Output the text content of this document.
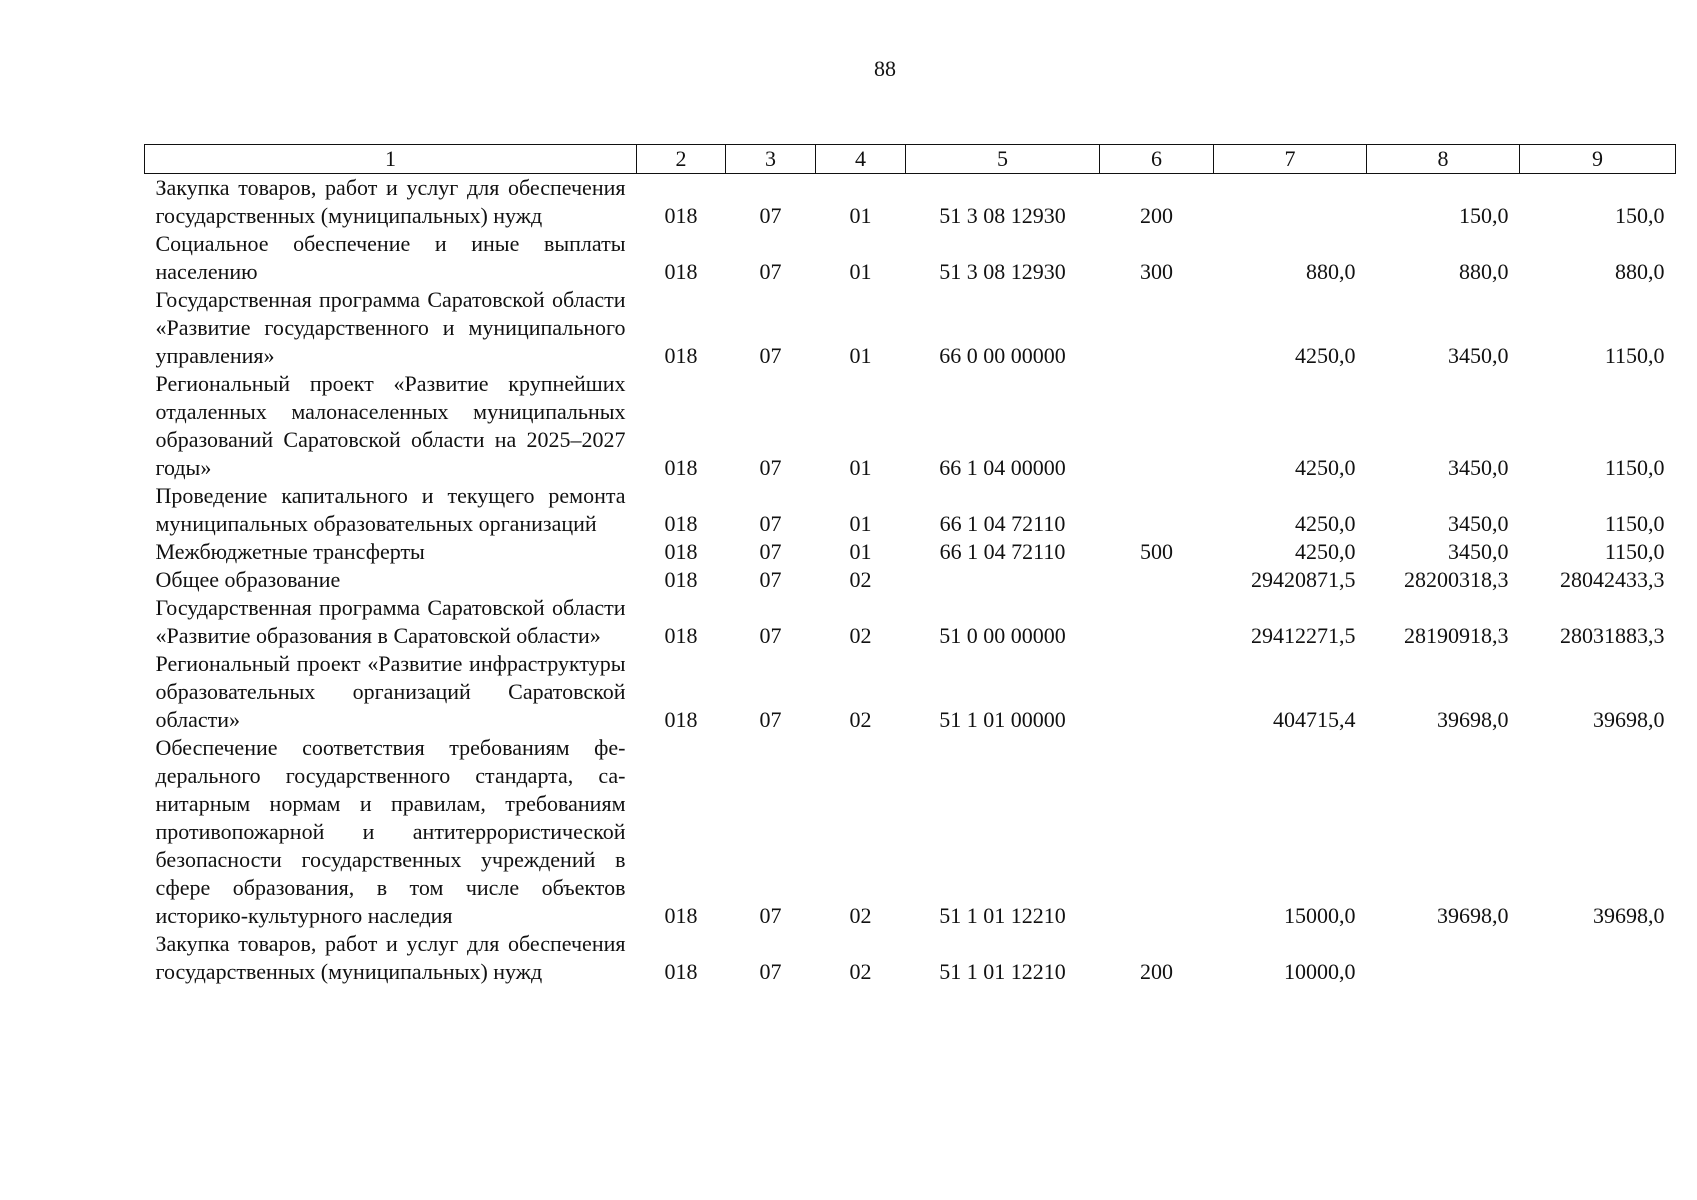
88
1	2	3	4	5	6	7	8	9
Закупка товаров, работ и услуг для обеспечения государственных (муниципальных) нужд	018	07	01	51 3 08 12930	200		150,0	150,0
Социальное обеспечение и иные выплаты населению	018	07	01	51 3 08 12930	300	880,0	880,0	880,0
Государственная программа Саратовской области «Развитие государственного и муниципального управления»	018	07	01	66 0 00 00000		4250,0	3450,0	1150,0
Региональный проект «Развитие крупнейших отдаленных малонаселенных муниципальных образований Саратовской области на 2025–2027 годы»	018	07	01	66 1 04 00000		4250,0	3450,0	1150,0
Проведение капитального и текущего ремонта муниципальных образовательных организаций	018	07	01	66 1 04 72110		4250,0	3450,0	1150,0
Межбюджетные трансферты	018	07	01	66 1 04 72110	500	4250,0	3450,0	1150,0
Общее образование	018	07	02			29420871,5	28200318,3	28042433,3
Государственная программа Саратовской области «Развитие образования в Саратовской области»	018	07	02	51 0 00 00000		29412271,5	28190918,3	28031883,3
Региональный проект «Развитие инфраструктуры образовательных организаций Саратовской области»	018	07	02	51 1 01 00000		404715,4	39698,0	39698,0
Обеспечение соответствия требованиям федерального государственного стандарта, санитарным нормам и правилам, требованиям противопожарной и антитеррористической безопасности государственных учреждений в сфере образования, в том числе объектов историко-культурного наследия	018	07	02	51 1 01 12210		15000,0	39698,0	39698,0
Закупка товаров, работ и услуг для обеспечения государственных (муниципальных) нужд	018	07	02	51 1 01 12210	200	10000,0		
